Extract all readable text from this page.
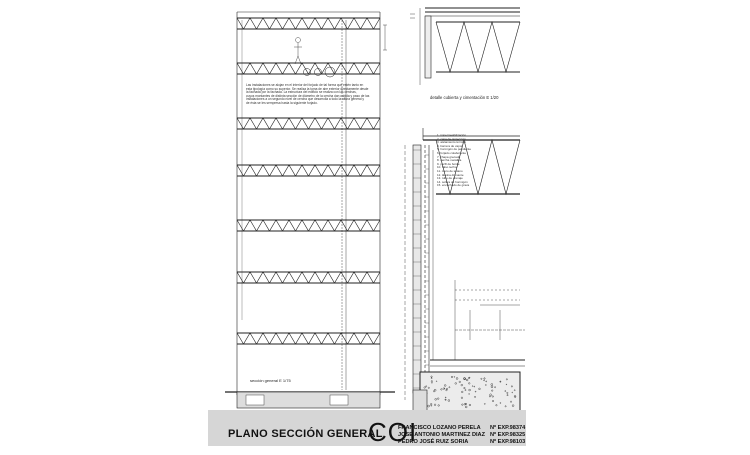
Las instalaciones se alojan en el interior del forjado de tal forma que estén tanto en
esta tipología como su superior. Se realiza la toma de aire exterior directamente desde
la fachada por la fachada. La estructura del edificio se realiza con las cerchas,
cuyos montantes de distinta sección de diámetro de la cercha dan cabida y paso de las
instalaciones a un segundo nivel de cercha que desarrolla a todo la altura general y
de ésta se les sempresa hasta la siguiente forjado.
sección general E 1/75
detalle cubierta y cimentación E 1/20
1. impermeabilización
2. capa de protección
3. aislamiento térmico
4. barrera de vapor
5. hormigón de pendiente
6. forjado colaborante
7. chapa grecada
8. cercha metálica
9. perfil de borde
10. falso techo
11. muro de sótano
12. lámina drenante
13. tubo de drenaje
14. solera de hormigón
15. encachado de grava
PLANO SECCIÓN GENERAL
COI
FRANCISCO LOZANO PERELA Nº EXP.98374
JOSE ANTONIO MARTINEZ DIAZ Nº EXP.98325
PEDRO JOSÉ RUIZ SORIA	Nº EXP.98103
